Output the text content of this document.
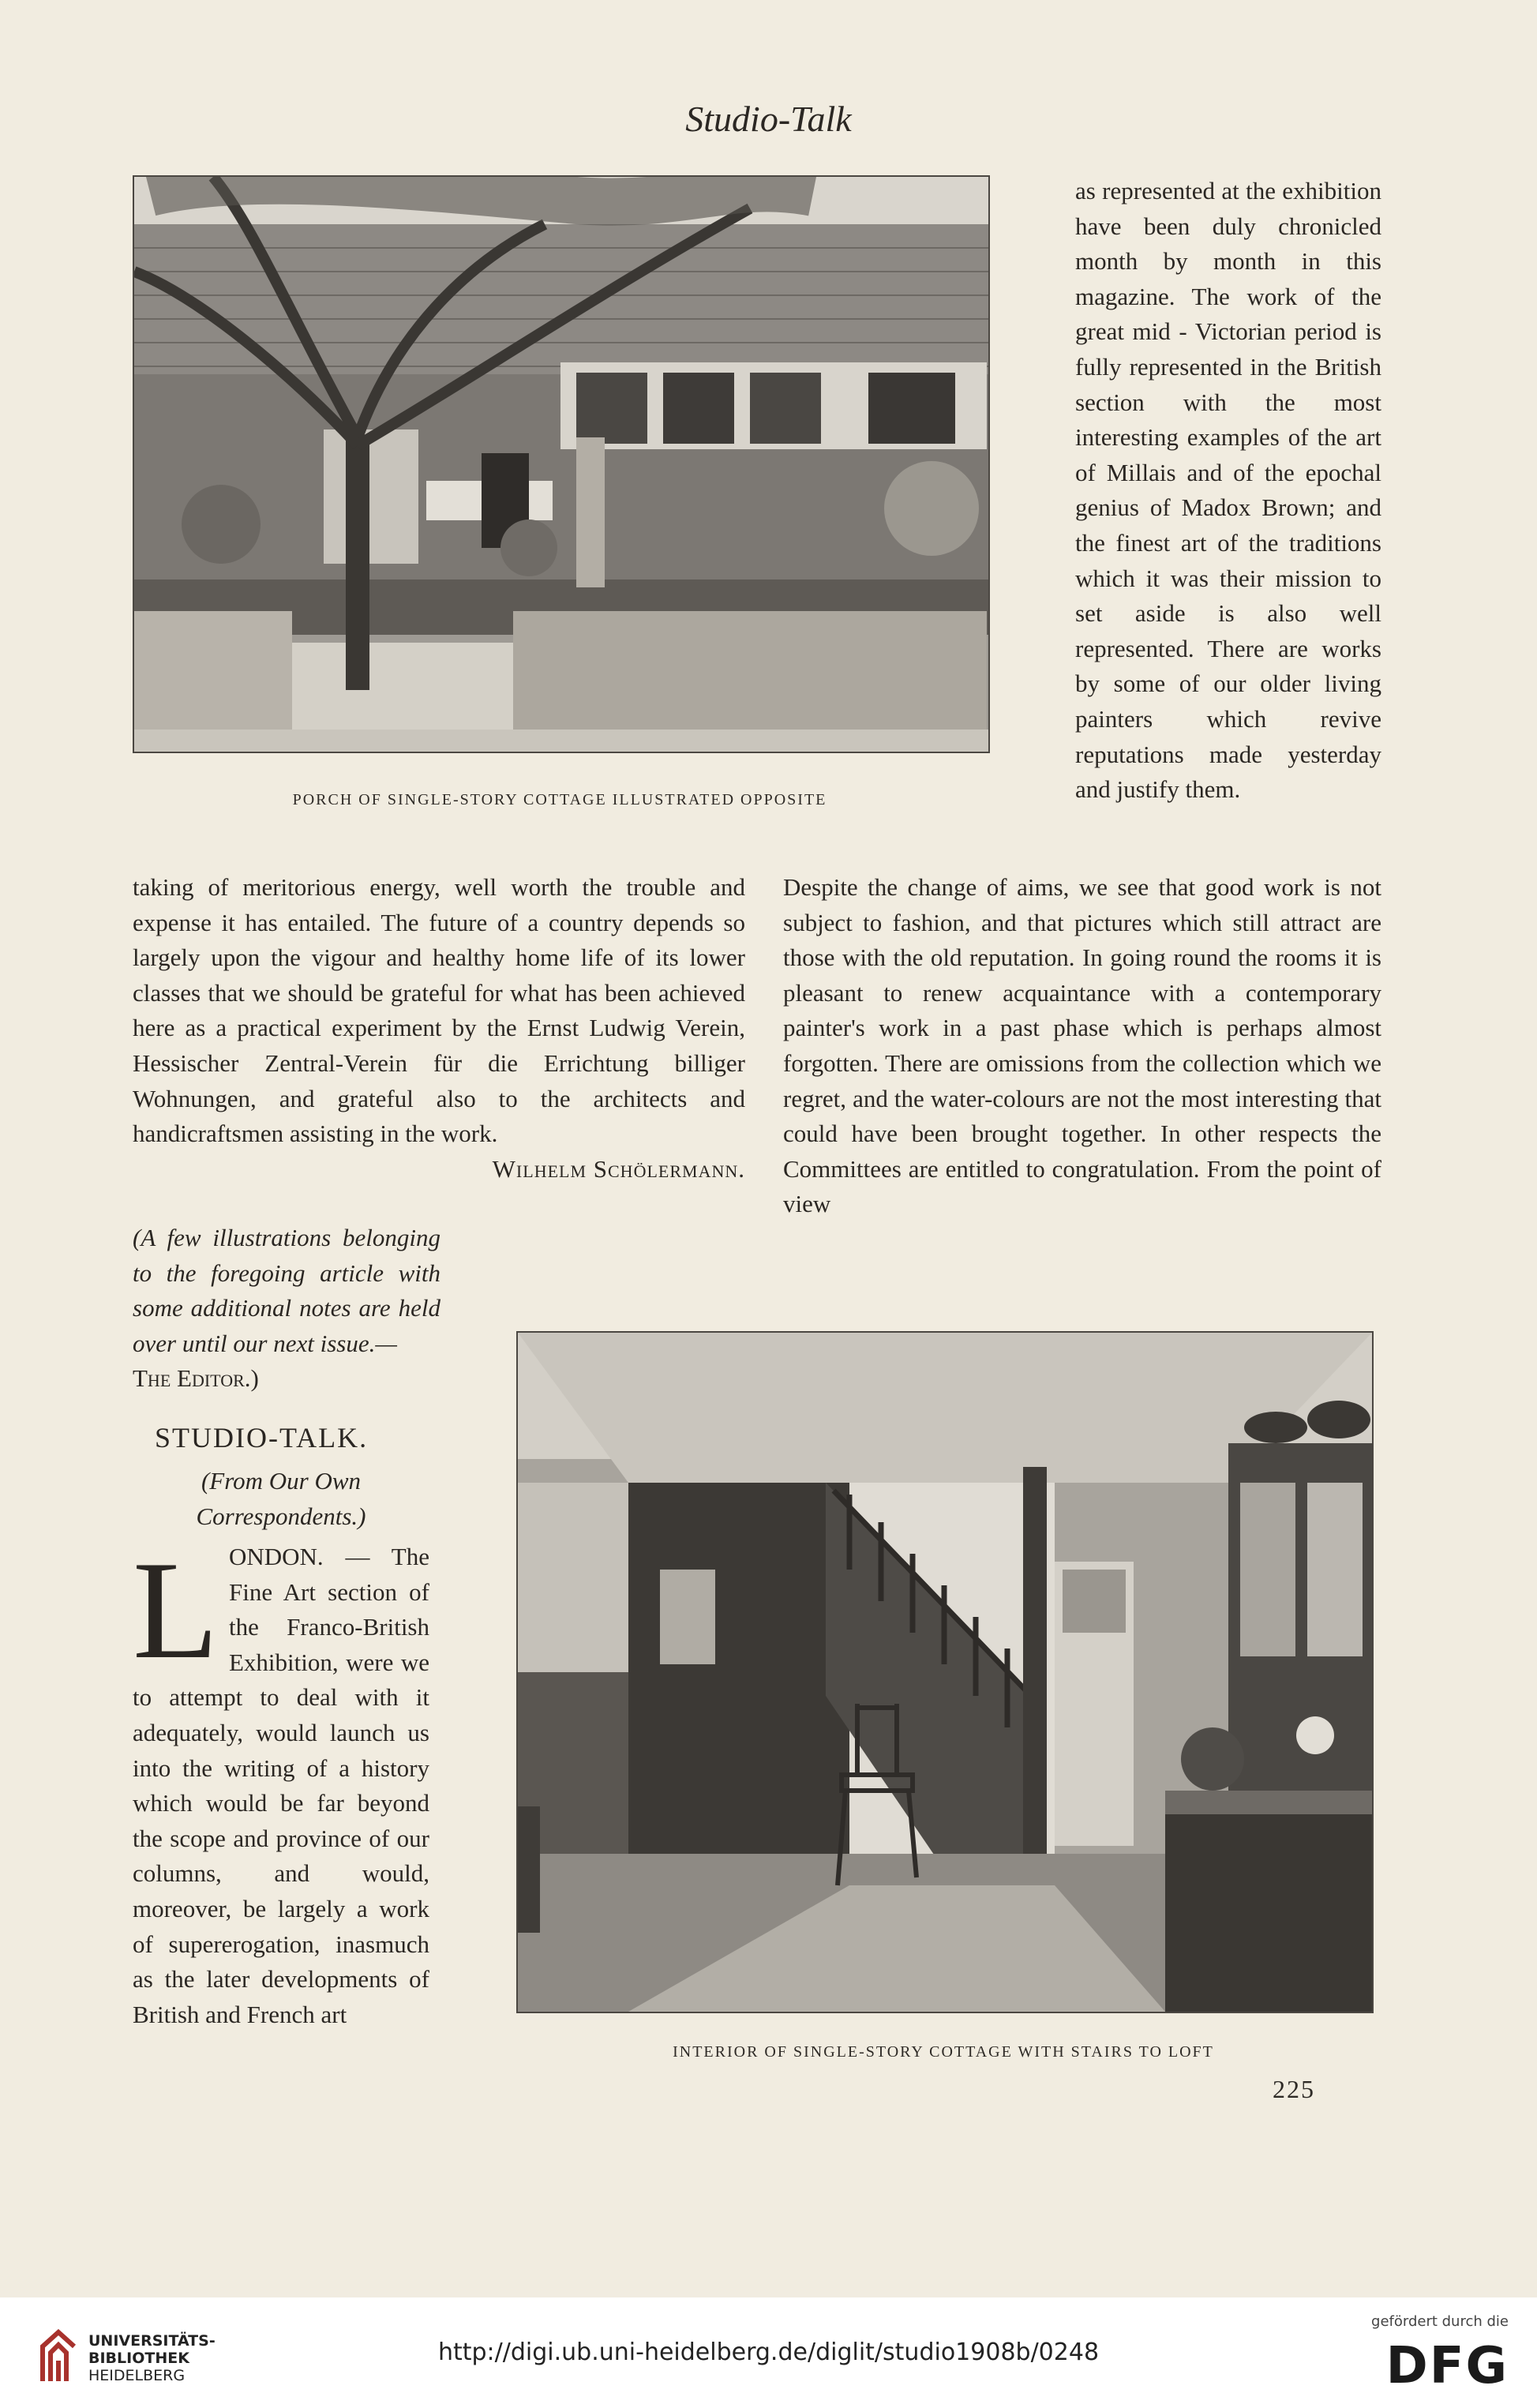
Studio-Talk
PORCH OF SINGLE-STORY COTTAGE ILLUSTRATED OPPOSITE

as represented at the exhibition have been duly chronicled month by month in this magazine. The work of the great mid - Victorian period is fully represented in the British section with the most interesting examples of the art of Millais and of the epochal genius of Madox Brown; and the finest art of the traditions which it was their mission to set aside is also well represented. There are works by some of our older living painters which revive reputations made yesterday and justify them.

taking of meritorious energy, well worth the trouble and expense it has entailed. The future of a country depends so largely upon the vigour and healthy home life of its lower classes that we should be grateful for what has been achieved here as a practical experiment by the Ernst Ludwig Verein, Hessischer Zentral-Verein für die Errichtung billiger Wohnungen, and grateful also to the architects and handicraftsmen assisting in the work.

Wilhelm Schölermann.

(A few illustrations belonging to the foregoing article with some additional notes are held over until our next issue.—

The Editor.)

Despite the change of aims, we see that good work is not subject to fashion, and that pictures which still attract are those with the old reputation. In going round the rooms it is pleasant to renew acquaintance with a contemporary painter's work in a past phase which is perhaps almost forgotten. There are omissions from the collection which we regret, and the water-colours are not the most interesting that could have been brought together. In other respects the Committees are entitled to congratulation. From the point of view

STUDIO-TALK.

(From Our Own Correspondents.)

L ONDON. — The Fine Art section of the Franco-British Exhibition, were we to attempt to deal with it adequately, would launch us into the writing of a history which would be far beyond the scope and province of our columns, and would, moreover, be largely a work of supererogation, inasmuch as the later developments of British and French art

INTERIOR OF SINGLE-STORY COTTAGE WITH STAIRS TO LOFT
225
UNIVERSITÄTS-
BIBLIOTHEK
HEIDELBERG
http://digi.ub.uni-heidelberg.de/diglit/studio1908b/0248
gefördert durch die
DFG
